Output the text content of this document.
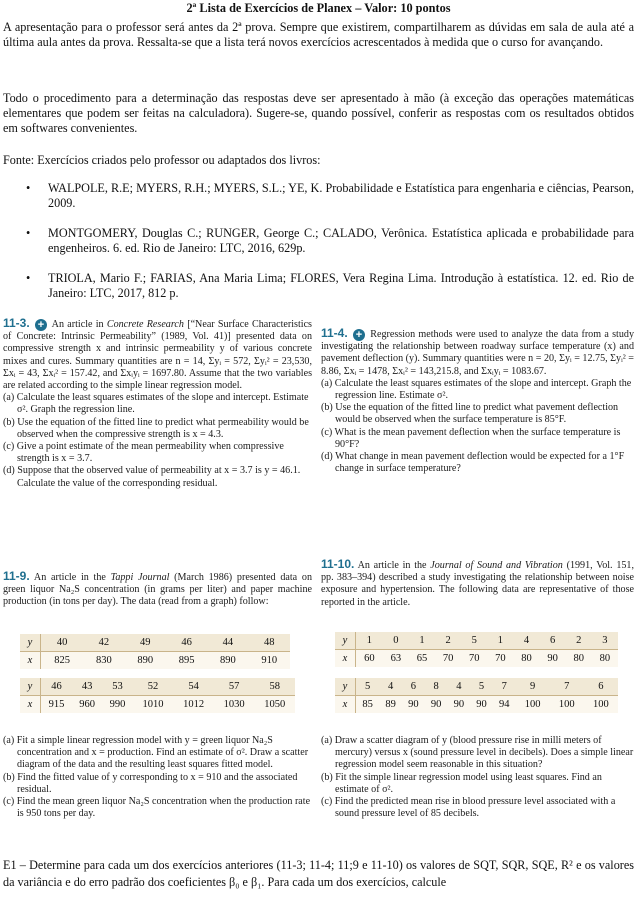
2ª Lista de Exercícios de Planex – Valor: 10 pontos
A apresentação para o professor será antes da 2ª prova. Sempre que existirem, compartilharem as dúvidas em sala de aula até a última aula antes da prova. Ressalta-se que a lista terá novos exercícios acrescentados à medida que o curso for avançando.
Todo o procedimento para a determinação das respostas deve ser apresentado à mão (à exceção das operações matemáticas elementares que podem ser feitas na calculadora). Sugere-se, quando possível, conferir as respostas com os resultados obtidos em softwares convenientes.
Fonte: Exercícios criados pelo professor ou adaptados dos livros:
• WALPOLE, R.E; MYERS, R.H.; MYERS, S.L.; YE, K. Probabilidade e Estatística para engenharia e ciências, Pearson, 2009.
• MONTGOMERY, Douglas C.; RUNGER, George C.; CALADO, Verônica. Estatística aplicada e probabilidade para engenheiros. 6. ed. Rio de Janeiro: LTC, 2016, 629p.
• TRIOLA, Mario F.; FARIAS, Ana Maria Lima; FLORES, Vera Regina Lima. Introdução à estatística. 12. ed. Rio de Janeiro: LTC, 2017, 812 p.

11-3. + An article in Concrete Research [“Near Surface Characteristics of Concrete: Intrinsic Permeability” (1989, Vol. 41)] presented data on compressive strength x and intrinsic permeability y of various concrete mixes and cures. Summary quantities are n = 14, Σyᵢ = 572, Σyᵢ² = 23,530, Σxᵢ = 43, Σxᵢ² = 157.42, and Σxᵢyᵢ = 1697.80. Assume that the two variables are related according to the simple linear regression model.

(a) Calculate the least squares estimates of the slope and intercept. Estimate σ². Graph the regression line.

(b) Use the equation of the fitted line to predict what permeability would be observed when the compressive strength is x = 4.3.

(c) Give a point estimate of the mean permeability when compressive strength is x = 3.7.

(d) Suppose that the observed value of permeability at x = 3.7 is y = 46.1. Calculate the value of the corresponding residual.

11-4. + Regression methods were used to analyze the data from a study investigating the relationship between roadway surface temperature (x) and pavement deflection (y). Summary quantities were n = 20, Σyᵢ = 12.75, Σyᵢ² = 8.86, Σxᵢ = 1478, Σxᵢ² = 143,215.8, and Σxᵢyᵢ = 1083.67.

(a) Calculate the least squares estimates of the slope and intercept. Graph the regression line. Estimate σ².

(b) Use the equation of the fitted line to predict what pavement deflection would be observed when the surface temperature is 85°F.

(c) What is the mean pavement deflection when the surface temperature is 90°F?

(d) What change in mean pavement deflection would be expected for a 1°F change in surface temperature?

11-9. An article in the Tappi Journal (March 1986) presented data on green liquor Na₂S concentration (in grams per liter) and paper machine production (in tons per day). The data (read from a graph) follow:

y	40	42	49	46	44	48
x	825	830	890	895	890	910
y	46	43	53	52	54	57	58
x	915	960	990	1010	1012	1030	1050

(a) Fit a simple linear regression model with y = green liquor Na₂S concentration and x = production. Find an estimate of σ². Draw a scatter diagram of the data and the resulting least squares fitted model.

(b) Find the fitted value of y corresponding to x = 910 and the associated residual.

(c) Find the mean green liquor Na₂S concentration when the production rate is 950 tons per day.

11-10. An article in the Journal of Sound and Vibration (1991, Vol. 151, pp. 383–394) described a study investigating the relationship between noise exposure and hypertension. The following data are representative of those reported in the article.

y	1	0	1	2	5	1	4	6	2	3
x	60	63	65	70	70	70	80	90	80	80
y	5	4	6	8	4	5	7	9	7	6
x	85	89	90	90	90	90	94	100	100	100

(a) Draw a scatter diagram of y (blood pressure rise in milli meters of mercury) versus x (sound pressure level in decibels). Does a simple linear regression model seem reasonable in this situation?

(b) Fit the simple linear regression model using least squares. Find an estimate of σ².

(c) Find the predicted mean rise in blood pressure level associated with a sound pressure level of 85 decibels.

E1 – Determine para cada um dos exercícios anteriores (11-3; 11-4; 11;9 e 11-10) os valores de SQT, SQR, SQE, R² e os valores da variância e do erro padrão dos coeficientes β₀ e β₁. Para cada um dos exercícios, calcule
